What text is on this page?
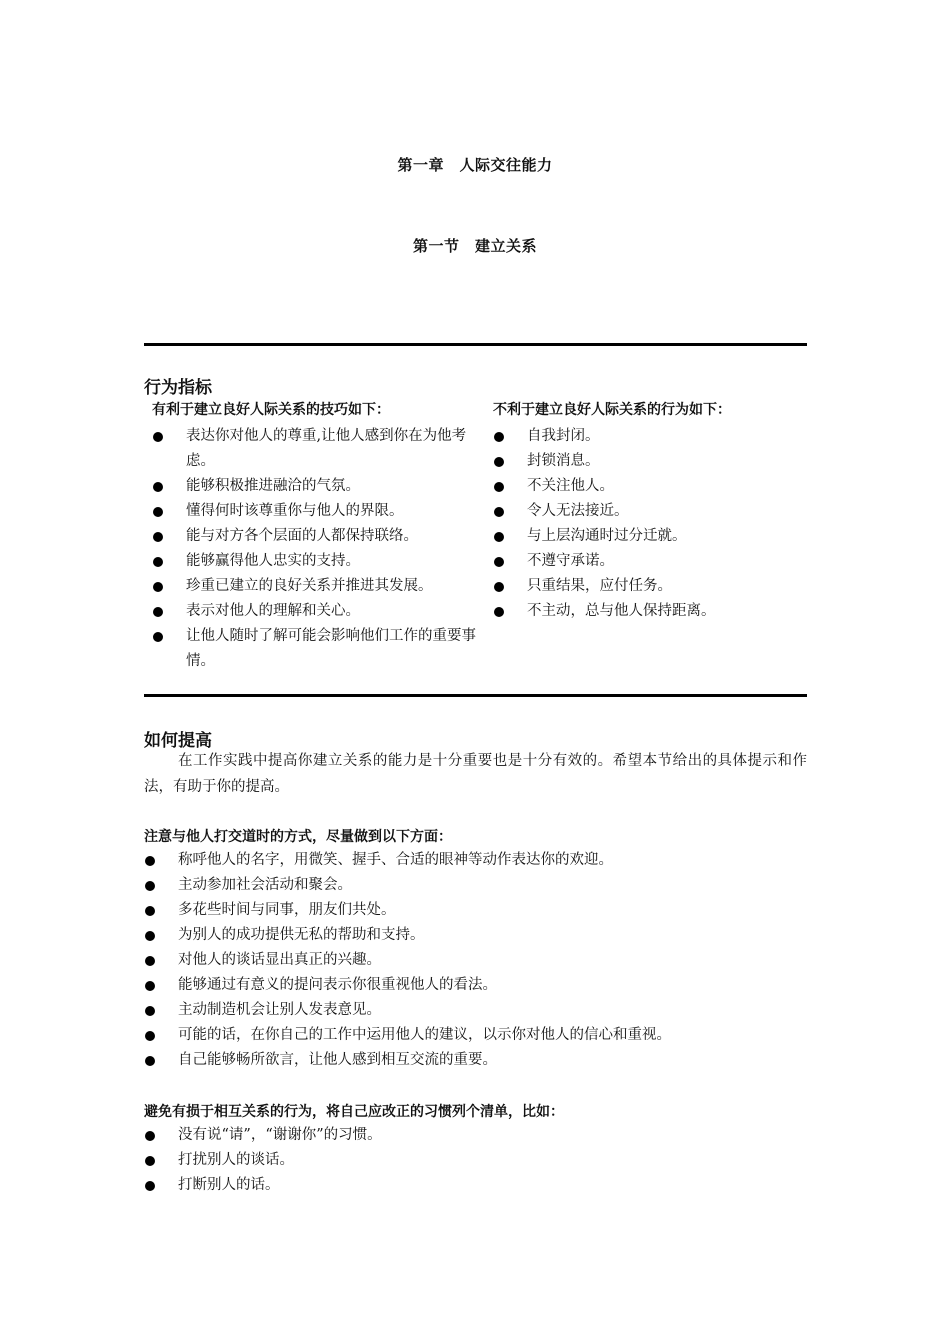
第一章　人际交往能力
第一节　建立关系
行为指标
有利于建立良好人际关系的技巧如下：
表达你对他人的尊重,让他人感到你在为他考虑。
能够积极推进融洽的气氛。
懂得何时该尊重你与他人的界限。
能与对方各个层面的人都保持联络。
能够赢得他人忠实的支持。
珍重已建立的良好关系并推进其发展。
表示对他人的理解和关心。
让他人随时了解可能会影响他们工作的重要事情。
不利于建立良好人际关系的行为如下：
自我封闭。
封锁消息。
不关注他人。
令人无法接近。
与上层沟通时过分迁就。
不遵守承诺。
只重结果，应付任务。
不主动，总与他人保持距离。
如何提高
在工作实践中提高你建立关系的能力是十分重要也是十分有效的。希望本节给出的具体提示和作法，有助于你的提高。
注意与他人打交道时的方式，尽量做到以下方面：
称呼他人的名字，用微笑、握手、合适的眼神等动作表达你的欢迎。
主动参加社会活动和聚会。
多花些时间与同事，朋友们共处。
为别人的成功提供无私的帮助和支持。
对他人的谈话显出真正的兴趣。
能够通过有意义的提问表示你很重视他人的看法。
主动制造机会让别人发表意见。
可能的话，在你自己的工作中运用他人的建议，以示你对他人的信心和重视。
自己能够畅所欲言，让他人感到相互交流的重要。
避免有损于相互关系的行为，将自己应改正的习惯列个清单，比如：
没有说“请”，“谢谢你”的习惯。
打扰别人的谈话。
打断别人的话。
